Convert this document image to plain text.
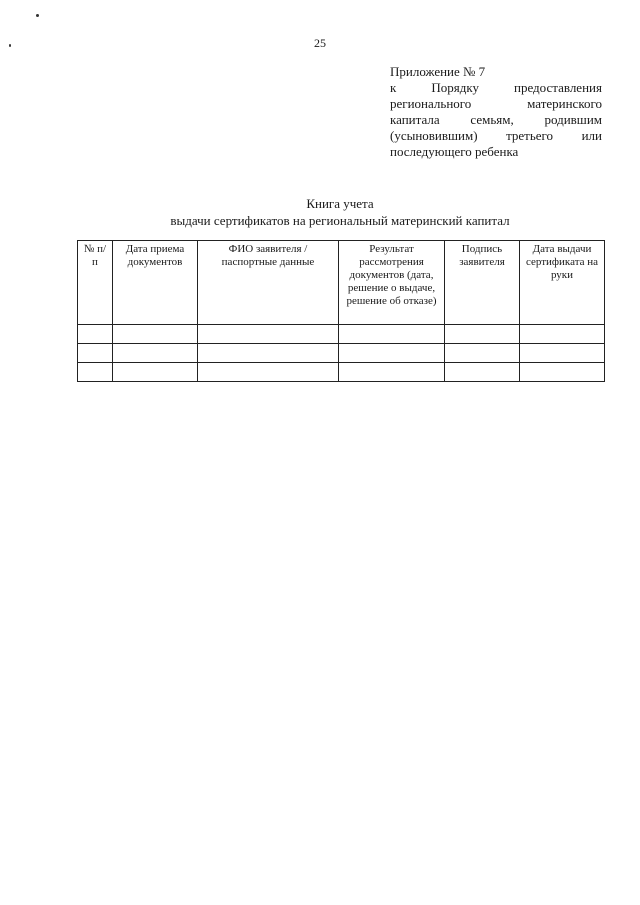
25
Приложение № 7
к	Порядку	предоставления
регионального	материнского
капитала семьям, родившим
(усыновившим) третьего или
последующего ребенка
Книга учета
выдачи сертификатов на региональный материнский капитал
№ п/п	Дата приема документов	ФИО заявителя / паспортные данные	Результат рассмотрения документов (дата, решение о выдаче, решение об отказе)	Подпись заявителя	Дата выдачи сертификата на руки
